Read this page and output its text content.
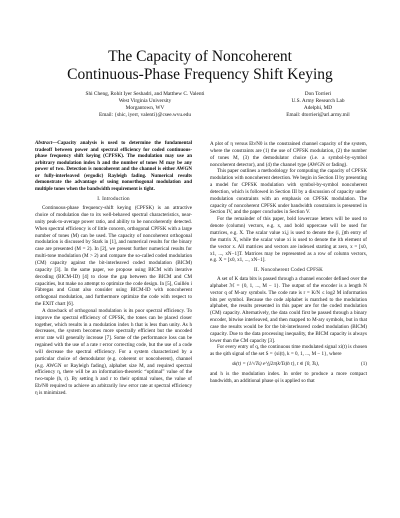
The Capacity of Noncoherent
Continuous-Phase Frequency Shift Keying
Shi Cheng, Rohit Iyer Seshadri, and Matthew C. Valenti
West Virginia University
Morgantown, WV
Email: {shic, iyerr, valenti}@csee.wvu.edu
Don Torrieri
U.S. Army Research Lab
Adelphi, MD
Email: dtorrieri@arl.army.mil

Abstract—Capacity analysis is used to determine the fundamental tradeoff between power and spectral efficiency for coded continuous-phase frequency shift keying (CPFSK). The modulation may use an arbitrary modulation index h and the number of tones M may be any power of two. Detection is noncoherent and the channel is either AWGN or fully-interleaved (ergodic) Rayleigh fading. Numerical results demonstrate the advantage of using nonorthogonal modulation and multiple tones when the bandwidth requirement is tight.

I. Introduction

Continuous-phase frequency-shift keying (CPFSK) is an attractive choice of modulation due to its well-behaved spectral characteristics, near-unity peak-to-average power ratio, and ability to be noncoherently detected. When spectral efficiency is of little concern, orthogonal CPFSK with a large number of tones (M) can be used. The capacity of noncoherent orthogonal modulation is discussed by Stark in [1], and numerical results for the binary case are presented (M = 2). In [2], we present further numerical results for multi-tone modulation (M > 2) and compare the so-called coded modulation (CM) capacity against the bit-interleaved coded modulation (BICM) capacity [3]. In the same paper, we propose using BICM with iterative decoding (BICM-ID) [4] to close the gap between the BICM and CM capacities, but make no attempt to optimize the code design. In [5], Guillén i Fàbregas and Grant also consider using BICM-ID with noncoherent orthogonal modulation, and furthermore optimize the code with respect to the EXIT chart [6].

A drawback of orthogonal modulation is its poor spectral efficiency. To improve the spectral efficiency of CPFSK, the tones can be placed closer together, which results in a modulation index h that is less than unity. As h decreases, the system becomes more spectrally efficient but the uncoded error rate will generally increase [7]. Some of the performance loss can be regained with the use of a rate r error correcting code, but the use of a code will decrease the spectral efficiency. For a system characterized by a particular choice of demodulator (e.g. coherent or noncoherent), channel (e.g. AWGN or Rayleigh fading), alphabet size M, and required spectral efficiency η, there will be an information-theoretic “optimal” value of the two-tuple (h, r). By setting h and r to their optimal values, the value of Eb/N0 required to achieve an arbitrarily low error rate at spectral efficiency η is minimized.

A plot of η versus Eb/N0 is the constrained channel capacity of the system, where the constraints are (1) the use of CPFSK modulation, (2) the number of tones M, (3) the demodulator choice (i.e. a symbol-by-symbol noncoherent detector), and (4) the channel type (AWGN or fading).

This paper outlines a methodology for computing the capacity of CPFSK modulation with noncoherent detection. We begin in Section II by presenting a model for CPFSK modulation with symbol-by-symbol noncoherent detection, which is followed in Section III by a discussion of capacity under modulation constraints with an emphasis on CPFSK modulation. The capacity of noncoherent CPFSK under bandwidth constraints is presented in Section IV, and the paper concludes in Section V.

For the remainder of this paper, bold lowercase letters will be used to denote (column) vectors, e.g. x, and bold uppercase will be used for matrices, e.g. X. The scalar value xi,j is used to denote the (i, j)th entry of the matrix X, while the scalar value xi is used to denote the ith element of the vector x. All matrices and vectors are indexed starting at zero, x = [x0, x1, ..., xN−1]T. Matrices may be represented as a row of column vectors, e.g. X = [x0, x1, ..., xN−1].

II. Noncoherent Coded CPFSK

A set of K data bits is passed through a channel encoder defined over the alphabet ℳ = {0, 1, ..., M − 1}. The output of the encoder is a length N vector q of M-ary symbols. The code rate is r = K/N ≤ log2 M information bits per symbol. Because the code alphabet is matched to the modulation alphabet, the results presented in this paper are for the coded modulation (CM) capacity. Alternatively, the data could first be passed through a binary encoder, bitwise interleaved, and then mapped to M-ary symbols, but in that case the results would be for the bit-interleaved coded modulation (BICM) capacity. Due to the data processing inequality, the BICM capacity is always lower than the CM capacity [3].

For every entry of q, the continuous time modulated signal xi(t) is chosen as the qith signal of the set S = {si(t), k = 0, 1, ..., M − 1}, where

sk(t) = (1/√Ts) e^{j2π(k/Ts)h t}, t ∈ [0, Ts),	(1)

and h is the modulation index. In order to produce a more compact bandwidth, an additional phase φi is applied so that
